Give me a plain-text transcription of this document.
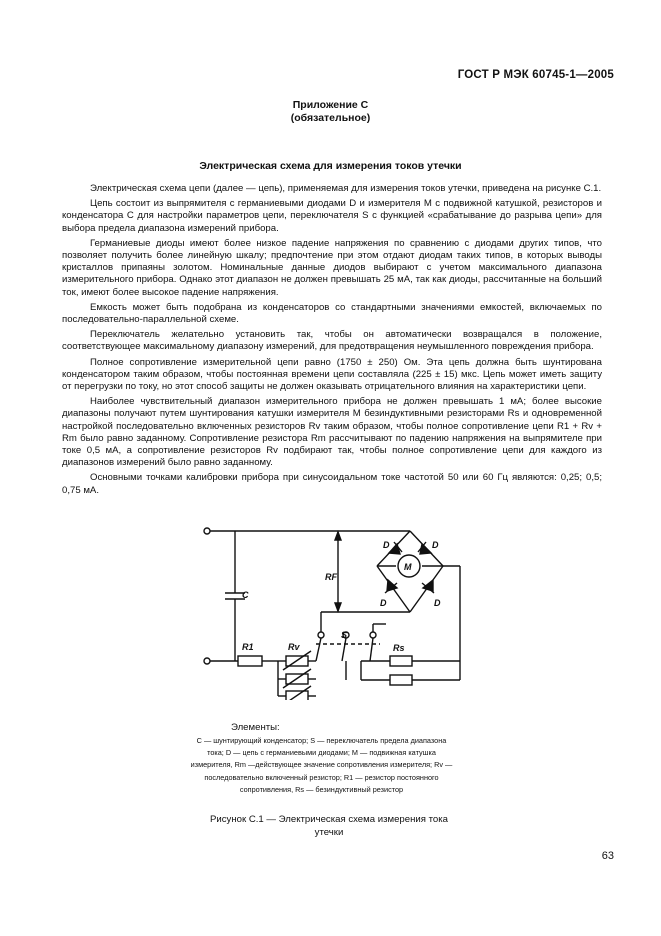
ГОСТ Р МЭК 60745-1—2005
Приложение С
(обязательное)
Электрическая схема для измерения токов утечки

Электрическая схема цепи (далее — цепь), применяемая для измерения токов утечки, приведена на рисунке С.1.

Цепь состоит из выпрямителя с германиевыми диодами D и измерителя M с подвижной катушкой, резисторов и конденсатора C для настройки параметров цепи, переключателя S с функцией «срабатывание до разрыва цепи» для выбора предела диапазона измерений прибора.

Германиевые диоды имеют более низкое падение напряжения по сравнению с диодами других типов, что позволяет получить более линейную шкалу; предпочтение при этом отдают диодам таких типов, в которых выводы кристаллов припаяны золотом. Номинальные данные диодов выбирают с учетом максимального диапазона измерительного прибора. Однако этот диапазон не должен превышать 25 мА, так как диоды, рассчитанные на больший ток, имеют более высокое падение напряжения.

Емкость может быть подобрана из конденсаторов со стандартными значениями емкостей, включаемых по последовательно-параллельной схеме.

Переключатель желательно установить так, чтобы он автоматически возвращался в положение, соответствующее максимальному диапазону измерений, для предотвращения неумышленного повреждения прибора.

Полное сопротивление измерительной цепи равно (1750 ± 250) Ом. Эта цепь должна быть шунтирована конденсатором таким образом, чтобы постоянная времени цепи составляла (225 ± 15) мкс. Цепь может иметь защиту от перегрузки по току, но этот способ защиты не должен оказывать отрицательного влияния на характеристики цепи.

Наиболее чувствительный диапазон измерительного прибора не должен превышать 1 мА; более высокие диапазоны получают путем шунтирования катушки измерителя M безиндуктивными резисторами Rs и одновременной настройкой последовательно включенных резисторов Rv таким образом, чтобы полное сопротивление цепи R1 + Rv + Rm было равно заданному. Сопротивление резистора Rm рассчитывают по падению напряжения на выпрямителе при токе 0,5 мА, а сопротивление резисторов Rv подбирают так, чтобы полное сопротивление цепи для каждого из диапазонов измерений было равно заданному.

Основными точками калибровки прибора при синусоидальном токе частотой 50 или 60 Гц являются: 0,25; 0,5; 0,75 мА.

C
R1	Rv
S
Rs
RF
D	D
D	D
M
Элементы:
C — шунтирующий конденсатор; S — переключатель предела диапазона тока; D — цепь с германиевыми диодами; M — подвижная катушка измерителя, Rm —действующее значение сопротивления измерителя; Rv — последовательно включенный резистор; R1 — резистор постоянного сопротивления, Rs — безиндуктивный резистор
Рисунок С.1 — Электрическая схема измерения тока утечки
63
